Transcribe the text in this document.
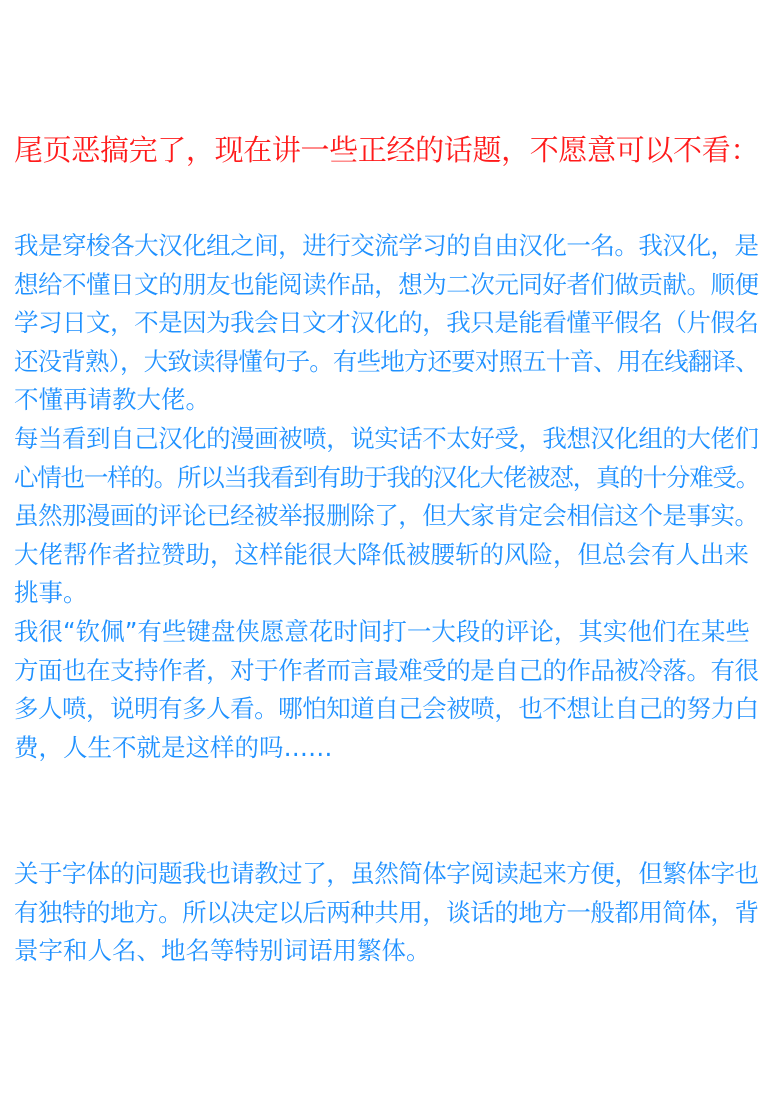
尾页恶搞完了，现在讲一些正经的话题，不愿意可以不看：
我是穿梭各大汉化组之间，进行交流学习的自由汉化一名。我汉化，是
想给不懂日文的朋友也能阅读作品，想为二次元同好者们做贡献。顺便
学习日文，不是因为我会日文才汉化的，我只是能看懂平假名（片假名
还没背熟），大致读得懂句子。有些地方还要对照五十音、用在线翻译、
不懂再请教大佬。
每当看到自己汉化的漫画被喷，说实话不太好受，我想汉化组的大佬们
心情也一样的。所以当我看到有助于我的汉化大佬被怼，真的十分难受。
虽然那漫画的评论已经被举报删除了，但大家肯定会相信这个是事实。
大佬帮作者拉赞助，这样能很大降低被腰斩的风险，但总会有人出来
挑事。
我很“钦佩”有些键盘侠愿意花时间打一大段的评论，其实他们在某些
方面也在支持作者，对于作者而言最难受的是自己的作品被冷落。有很
多人喷，说明有多人看。哪怕知道自己会被喷，也不想让自己的努力白
费，人生不就是这样的吗……
关于字体的问题我也请教过了，虽然简体字阅读起来方便，但繁体字也
有独特的地方。所以决定以后两种共用，谈话的地方一般都用简体，背
景字和人名、地名等特别词语用繁体。
